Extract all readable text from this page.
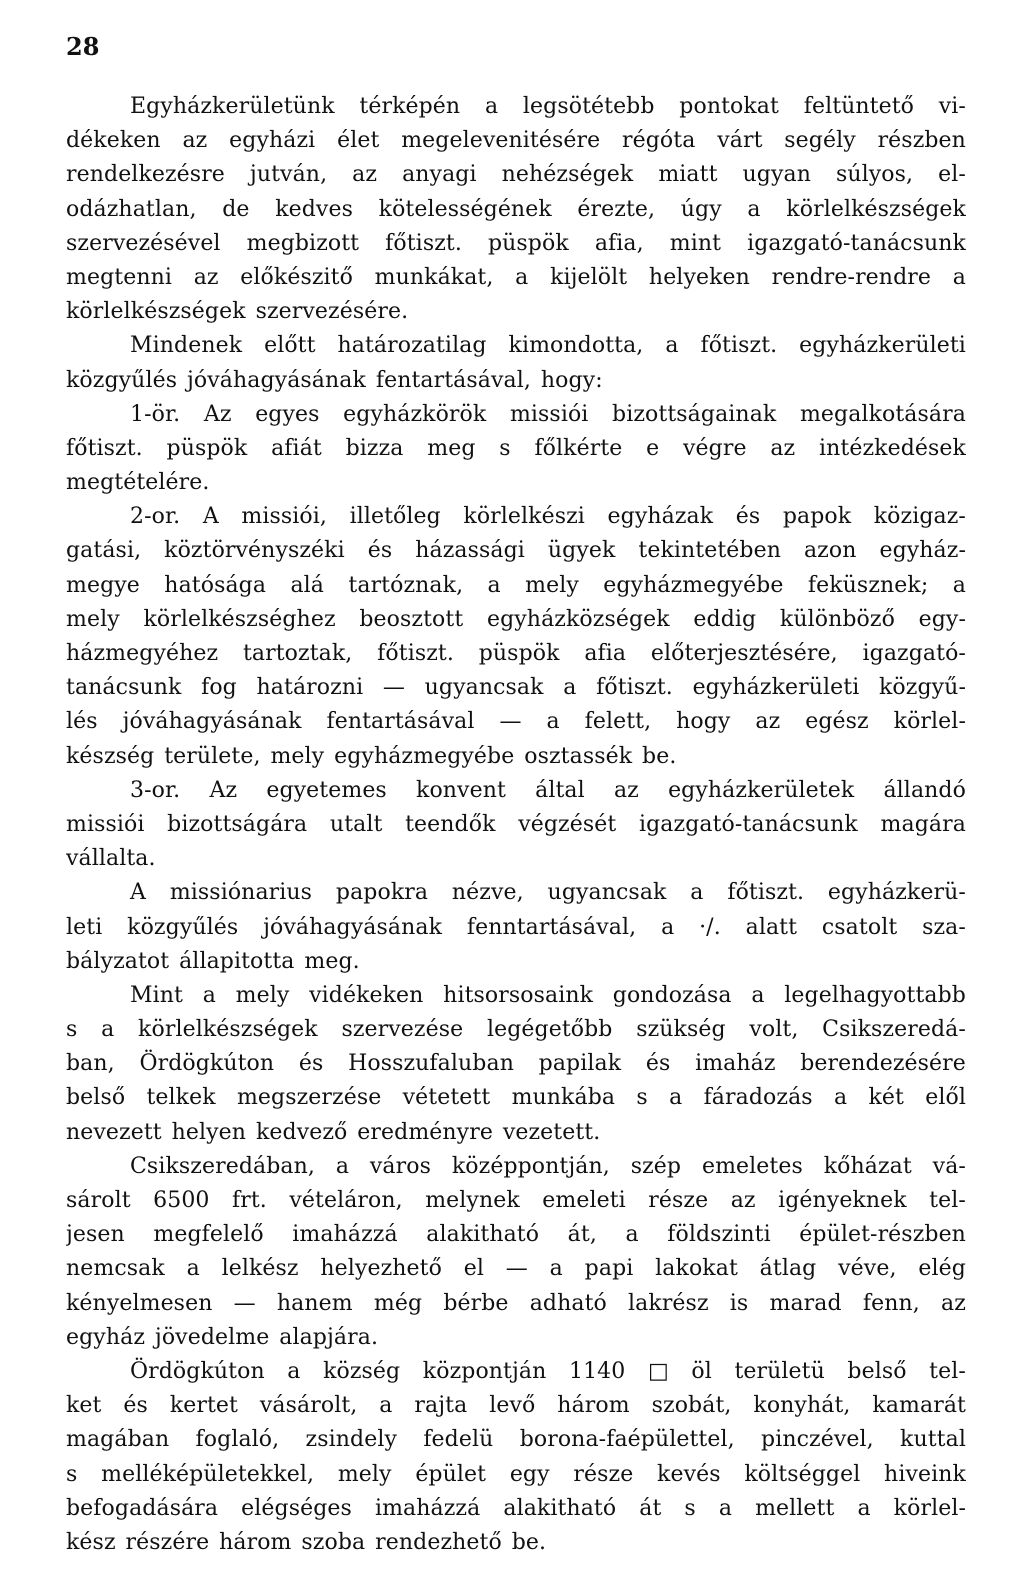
28
Egyházkerületünk térképén a legsötétebb pontokat feltüntető vi-
dékeken az egyházi élet megelevenitésére régóta várt segély részben
rendelkezésre jutván, az anyagi nehézségek miatt ugyan súlyos, el-
odázhatlan, de kedves kötelességének érezte, úgy a körlelkészségek
szervezésével megbizott főtiszt. püspök afia, mint igazgató-tanácsunk
megtenni az előkészitő munkákat, a kijelölt helyeken rendre-rendre a
körlelkészségek szervezésére.
Mindenek előtt határozatilag kimondotta, a főtiszt. egyházkerületi
közgyűlés jóváhagyásának fentartásával, hogy:
1-ör. Az egyes egyházkörök missiói bizottságainak megalkotására
főtiszt. püspök afiát bizza meg s főlkérte e végre az intézkedések
megtételére.
2-or. A missiói, illetőleg körlelkészi egyházak és papok közigaz-
gatási, köztörvényszéki és házassági ügyek tekintetében azon egyház-
megye hatósága alá tartóznak, a mely egyházmegyébe feküsznek; a
mely körlelkészséghez beosztott egyházközségek eddig különböző egy-
házmegyéhez tartoztak, főtiszt. püspök afia előterjesztésére, igazgató-
tanácsunk fog határozni — ugyancsak a főtiszt. egyházkerületi közgyű-
lés jóváhagyásának fentartásával — a felett, hogy az egész körlel-
készség területe, mely egyházmegyébe osztassék be.
3-or. Az egyetemes konvent által az egyházkerületek állandó
missiói bizottságára utalt teendők végzését igazgató-tanácsunk magára
vállalta.
A missiónarius papokra nézve, ugyancsak a főtiszt. egyházkerü-
leti közgyűlés jóváhagyásának fenntartásával, a ·/. alatt csatolt sza-
bályzatot állapitotta meg.
Mint a mely vidékeken hitsorsosaink gondozása a legelhagyottabb
s a körlelkészségek szervezése legégetőbb szükség volt, Csikszeredá-
ban, Ördögkúton és Hosszufaluban papilak és imaház berendezésére
belső telkek megszerzése vétetett munkába s a fáradozás a két elől
nevezett helyen kedvező eredményre vezetett.
Csikszeredában, a város középpontján, szép emeletes kőházat vá-
sárolt 6500 frt. vételáron, melynek emeleti része az igényeknek tel-
jesen megfelelő imaházzá alakitható át, a földszinti épület-részben
nemcsak a lelkész helyezhető el — a papi lakokat átlag véve, elég
kényelmesen — hanem még bérbe adható lakrész is marad fenn, az
egyház jövedelme alapjára.
Ördögkúton a község központján 1140 □ öl területü belső tel-
ket és kertet vásárolt, a rajta levő három szobát, konyhát, kamarát
magában foglaló, zsindely fedelü borona-faépülettel, pinczével, kuttal
s melléképületekkel, mely épület egy része kevés költséggel hiveink
befogadására elégséges imaházzá alakitható át s a mellett a körlel-
kész részére három szoba rendezhető be.
